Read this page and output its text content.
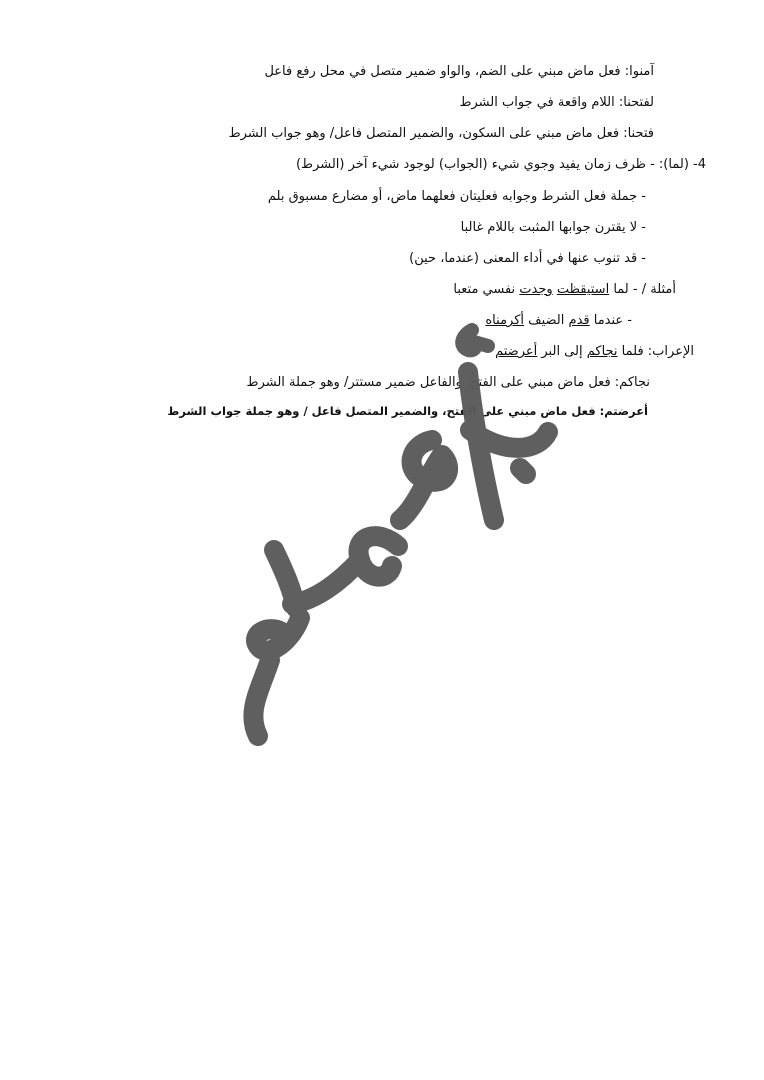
آمنوا: فعل ماض مبني على الضم، والواو ضمير متصل في محل رفع فاعل
لفتحنا: اللام واقعة في جواب الشرط
فتحنا: فعل ماض مبني على السكون، والضمير المتصل فاعل/ وهو جواب الشرط
4- (لما): - ظرف زمان يفيد وجوي شيء (الجواب) لوجود شيء آخر (الشرط)
- جملة فعل الشرط وجوابه فعليتان فعلهما ماض، أو مضارع مسبوق بلم
- لا يقترن جوابها المثبت باللام غالبا
- قد تنوب عنها في أداء المعنى (عندما، حين)
أمثلة / - لما استيقظت وجدت نفسي متعبا
- عندما قدم الضيف أكرمناه
الإعراب: فلما نجاكم إلى البر أعرضتم
نجاكم: فعل ماض مبني على الفتح، والفاعل ضمير مستتر/ وهو جملة الشرط
أعرضتم: فعل ماض مبني على الفتح، والضمير المتصل فاعل / وهو جملة جواب الشرط
